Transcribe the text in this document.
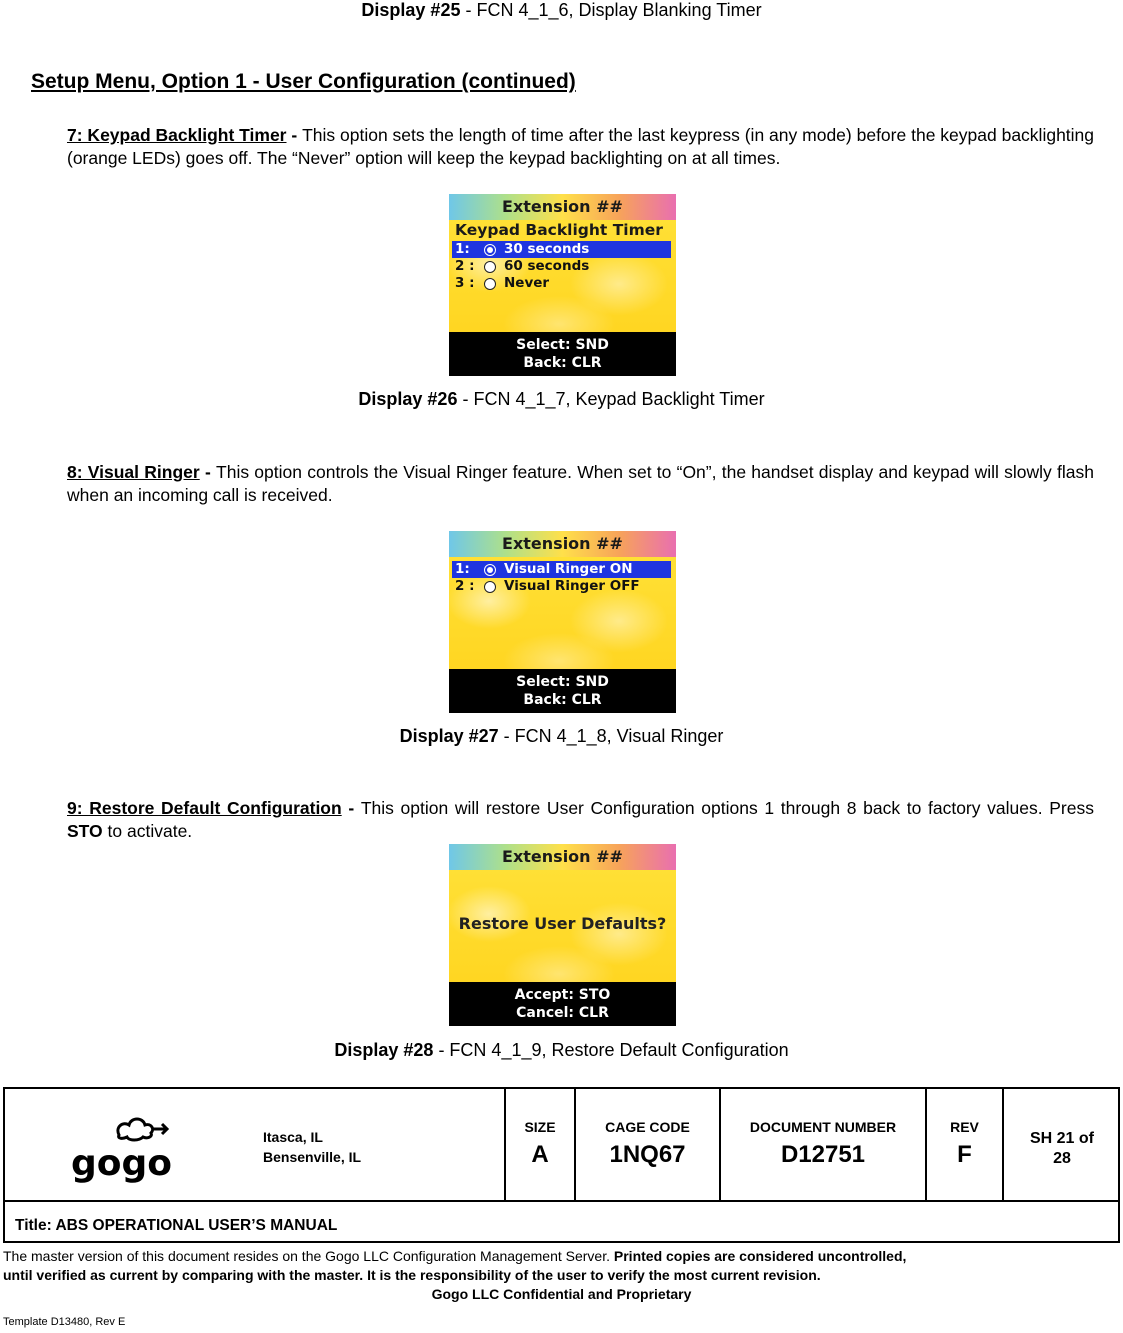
Display #25 - FCN 4_1_6, Display Blanking Timer
Setup Menu, Option 1 - User Configuration (continued)
7: Keypad Backlight Timer - This option sets the length of time after the last keypress (in any mode) before the keypad backlighting (orange LEDs) goes off. The “Never” option will keep the keypad backlighting on at all times.
Extension ##
Keypad Backlight Timer
1:	30 seconds
2 : 60 seconds
3 : Never
Select: SND
Back: CLR
Display #26 - FCN 4_1_7, Keypad Backlight Timer
8: Visual Ringer - This option controls the Visual Ringer feature. When set to “On”, the handset display and keypad will slowly flash when an incoming call is received.
Extension ##
1:	Visual Ringer ON
2 : Visual Ringer OFF
Select: SND
Back: CLR
Display #27 - FCN 4_1_8, Visual Ringer
9: Restore Default Configuration - This option will restore User Configuration options 1 through 8 back to factory values. Press STO to activate.
Extension ##
Restore User Defaults?
Accept: STO
Cancel: CLR
Display #28 - FCN 4_1_9, Restore Default Configuration
gogo
Itasca, IL
Bensenville, IL
SIZE
A
CAGE CODE
1NQ67
DOCUMENT NUMBER
D12751
REV
F
SH 21 of
28
Title: ABS OPERATIONAL USER’S MANUAL
The master version of this document resides on the Gogo LLC Configuration Management Server. Printed copies are considered uncontrolled,
until verified as current by comparing with the master. It is the responsibility of the user to verify the most current revision.
Gogo LLC Confidential and Proprietary
Template D13480, Rev E
